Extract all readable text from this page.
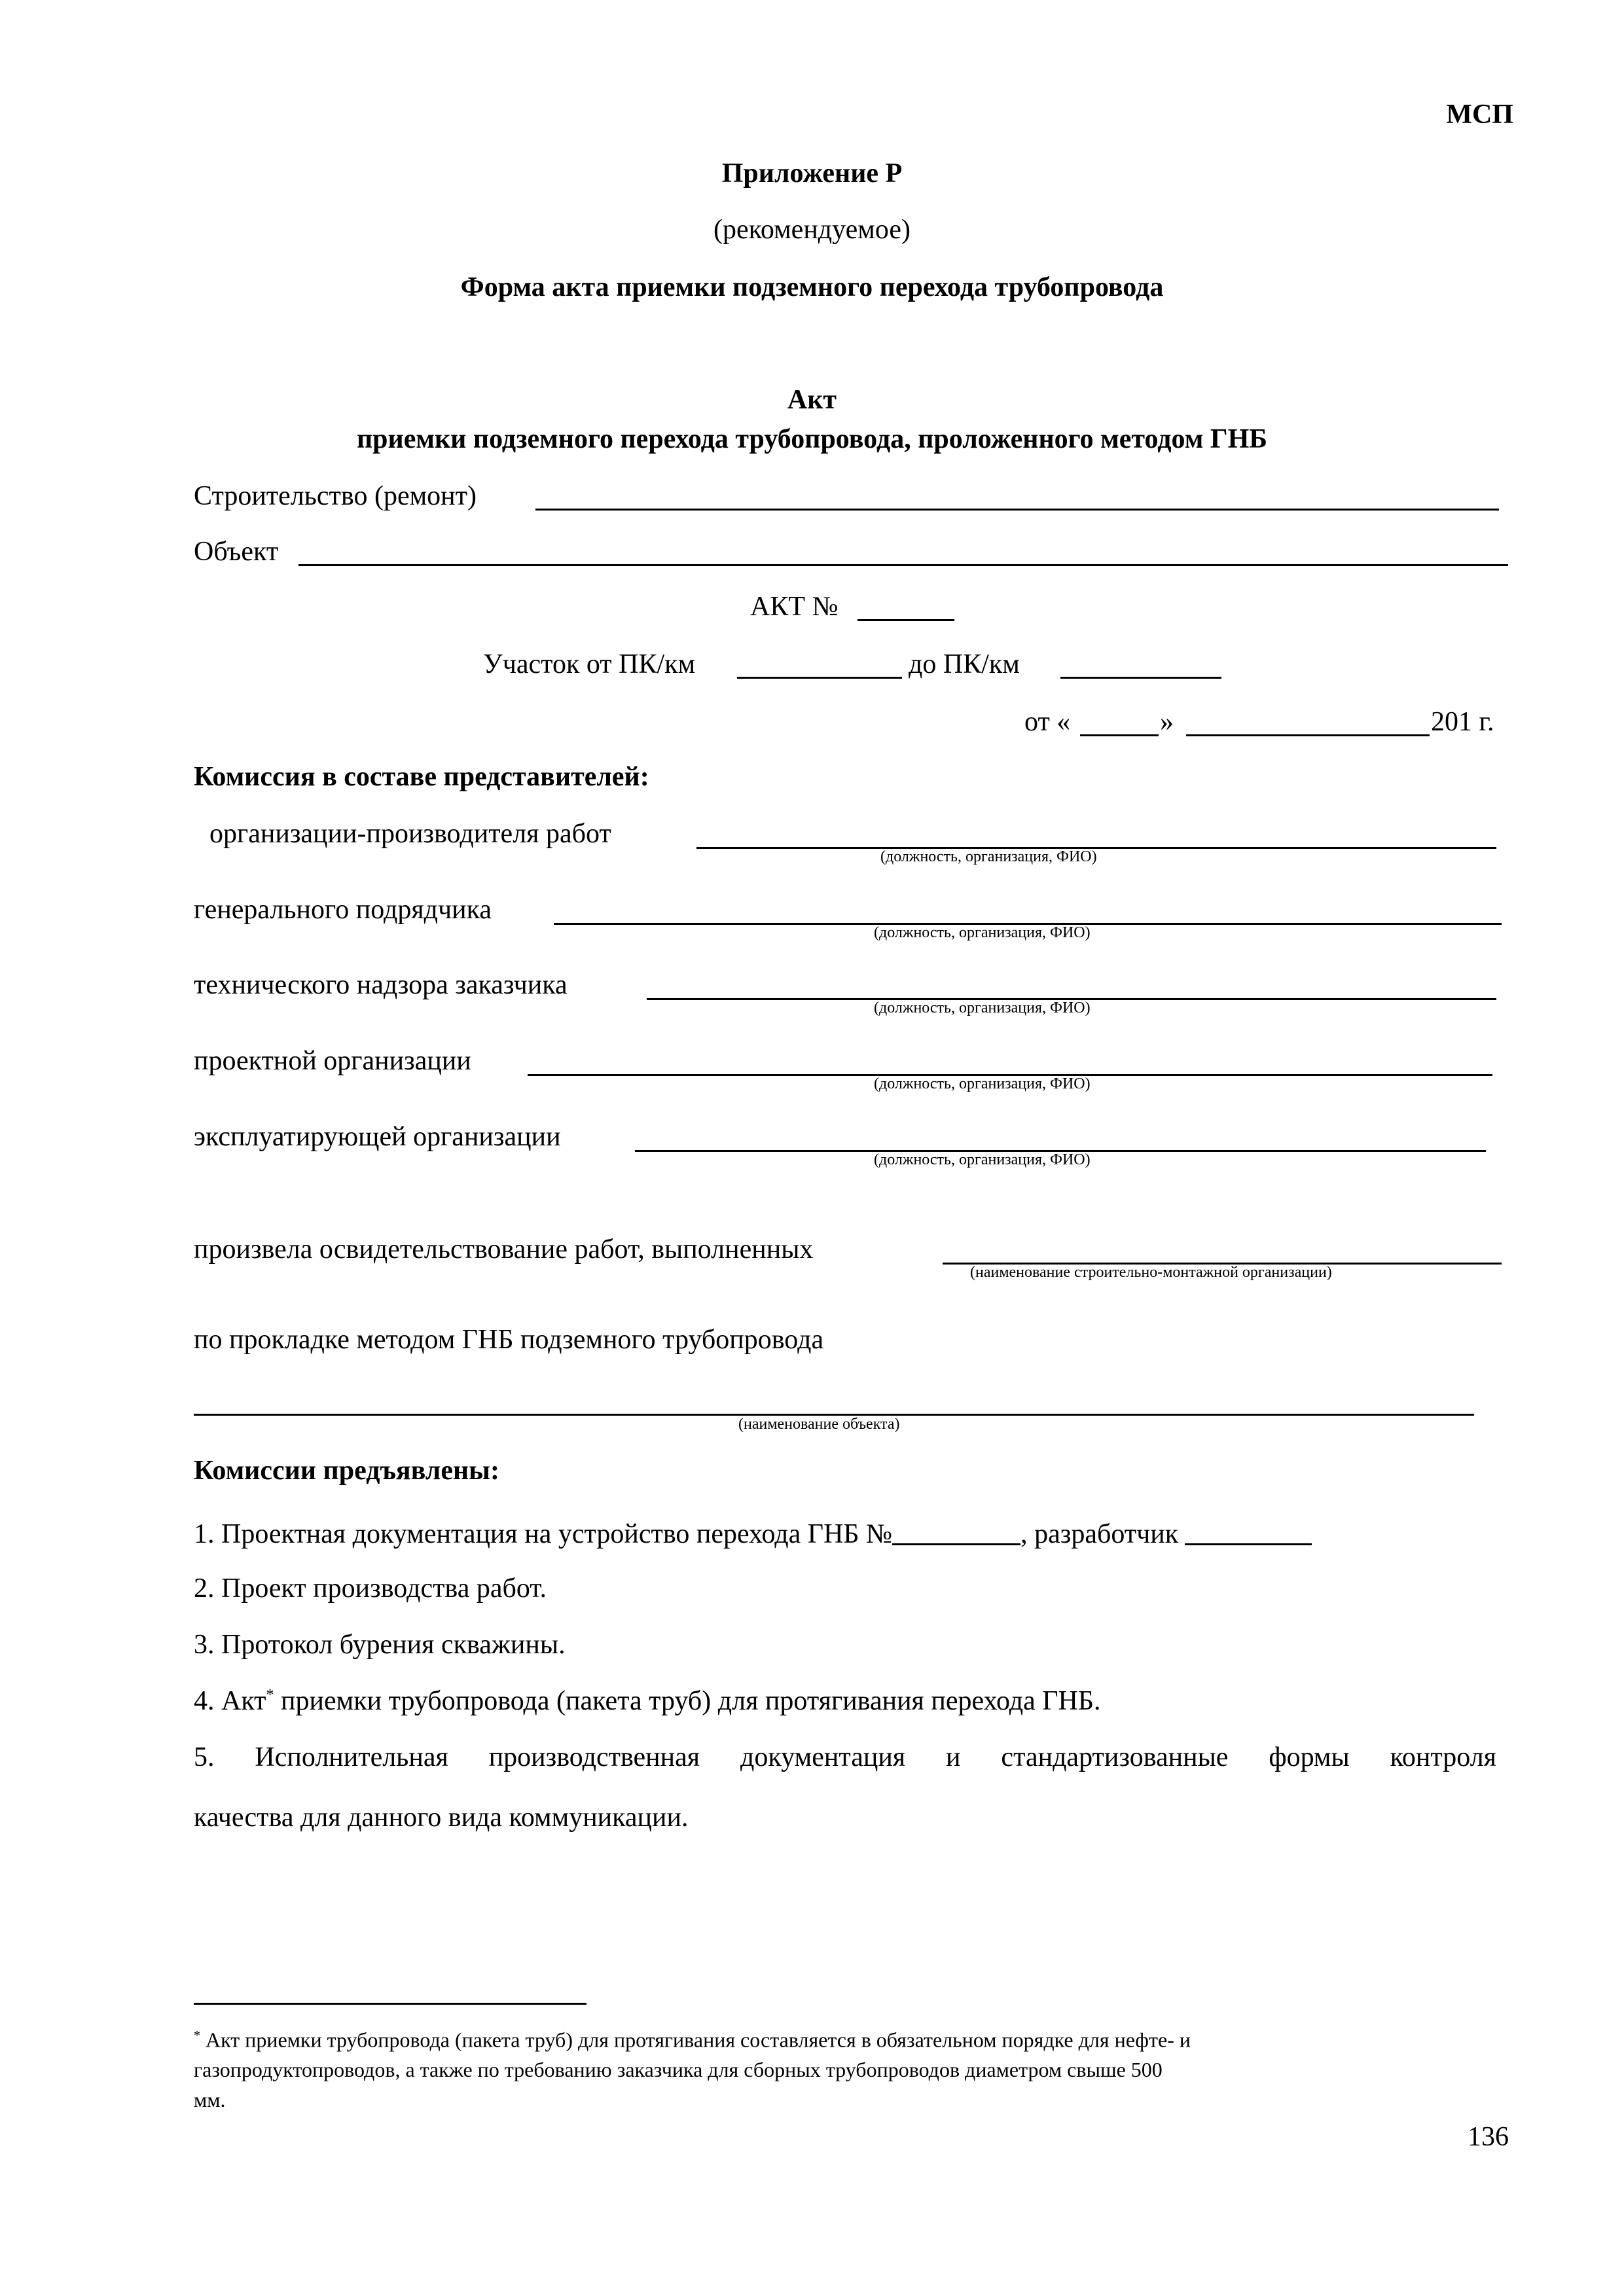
МСП
Приложение Р
(рекомендуемое)
Форма акта приемки подземного перехода трубопровода
Акт
приемки подземного перехода трубопровода, проложенного методом ГНБ
Строительство (ремонт)
Объект
АКТ №
Участок от ПК/км	до ПК/км
от «	»	201 г.
Комиссия в составе представителей:
организации-производителя работ
(должность, организация, ФИО)
генерального подрядчика
(должность, организация, ФИО)
технического надзора заказчика
(должность, организация, ФИО)
проектной организации
(должность, организация, ФИО)
эксплуатирующей организации
(должность, организация, ФИО)
произвела освидетельствование работ, выполненных
(наименование строительно-монтажной организации)
по прокладке методом ГНБ подземного трубопровода
(наименование объекта)
Комиссии предъявлены:
1. Проектная документация на устройство перехода ГНБ №	, разработчик
2. Проект производства работ.
3. Протокол бурения скважины.
4. Акт* приемки трубопровода (пакета труб) для протягивания перехода ГНБ.
5. Исполнительная производственная документация и стандартизованные формы контроля
качества для данного вида коммуникации.
* Акт приемки трубопровода (пакета труб) для протягивания составляется в обязательном порядке для нефте- и
газопродуктопроводов, а также по требованию заказчика для сборных трубопроводов диаметром свыше 500
мм.
136
